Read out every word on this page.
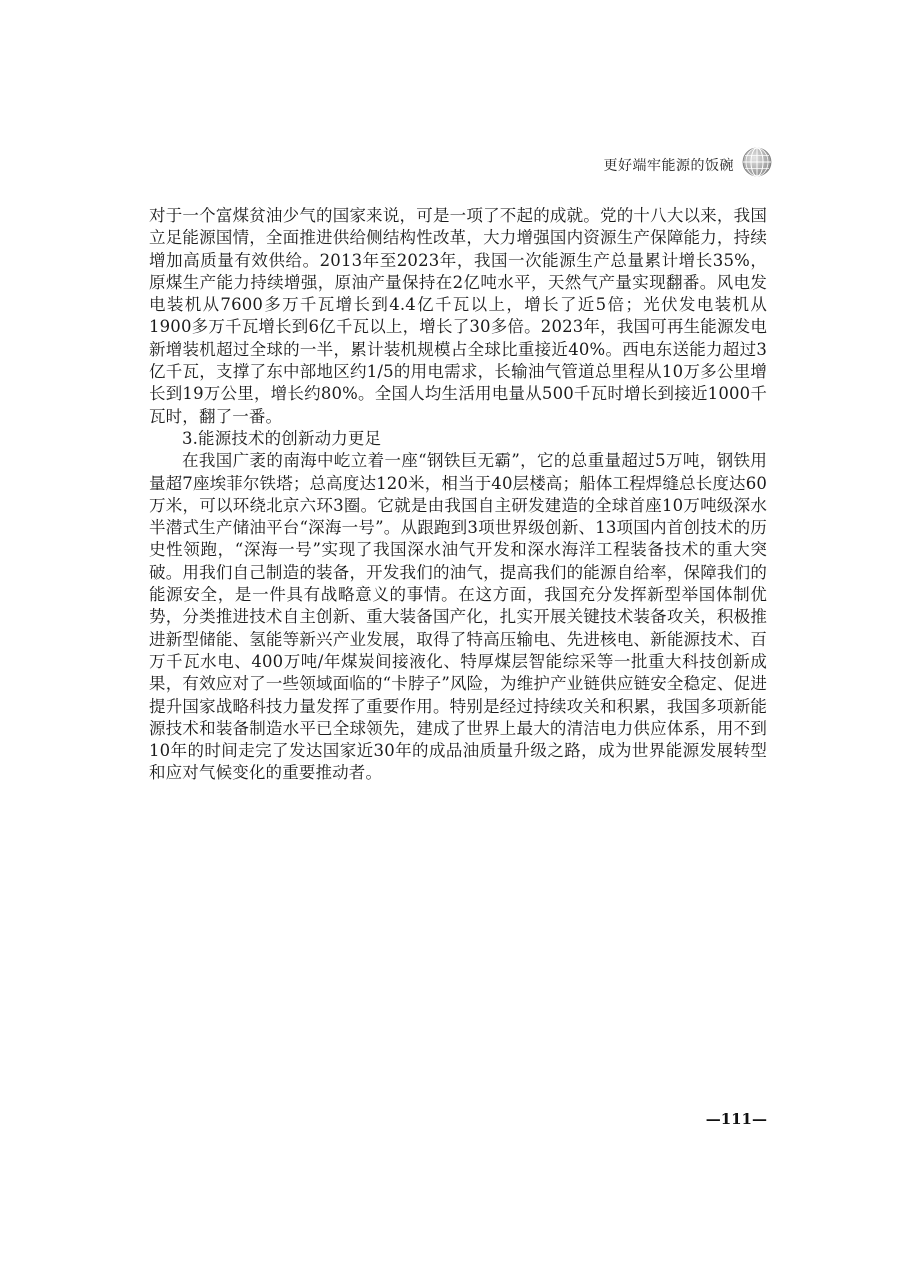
更好端牢能源的饭碗

对于一个富煤贫油少气的国家来说，可是一项了不起的成就。党的十八大以来，我国立足能源国情，全面推进供给侧结构性改革，大力增强国内资源生产保障能力，持续增加高质量有效供给。2013年至2023年，我国一次能源生产总量累计增长35%，原煤生产能力持续增强，原油产量保持在2亿吨水平，天然气产量实现翻番。风电发电装机从7600多万千瓦增长到4.4亿千瓦以上，增长了近5倍；光伏发电装机从1900多万千瓦增长到6亿千瓦以上，增长了30多倍。2023年，我国可再生能源发电新增装机超过全球的一半，累计装机规模占全球比重接近40%。西电东送能力超过3亿千瓦，支撑了东中部地区约1/5的用电需求，长输油气管道总里程从10万多公里增长到19万公里，增长约80%。全国人均生活用电量从500千瓦时增长到接近1000千瓦时，翻了一番。

3.能源技术的创新动力更足

在我国广袤的南海中屹立着一座“钢铁巨无霸”，它的总重量超过5万吨，钢铁用量超7座埃菲尔铁塔；总高度达120米，相当于40层楼高；船体工程焊缝总长度达60万米，可以环绕北京六环3圈。它就是由我国自主研发建造的全球首座10万吨级深水半潜式生产储油平台“深海一号”。从跟跑到3项世界级创新、13项国内首创技术的历史性领跑，“深海一号”实现了我国深水油气开发和深水海洋工程装备技术的重大突破。用我们自己制造的装备，开发我们的油气，提高我们的能源自给率，保障我们的能源安全，是一件具有战略意义的事情。在这方面，我国充分发挥新型举国体制优势，分类推进技术自主创新、重大装备国产化，扎实开展关键技术装备攻关，积极推进新型储能、氢能等新兴产业发展，取得了特高压输电、先进核电、新能源技术、百万千瓦水电、400万吨/年煤炭间接液化、特厚煤层智能综采等一批重大科技创新成果，有效应对了一些领域面临的“卡脖子”风险，为维护产业链供应链安全稳定、促进提升国家战略科技力量发挥了重要作用。特别是经过持续攻关和积累，我国多项新能源技术和装备制造水平已全球领先，建成了世界上最大的清洁电力供应体系，用不到10年的时间走完了发达国家近30年的成品油质量升级之路，成为世界能源发展转型和应对气候变化的重要推动者。

—111—
